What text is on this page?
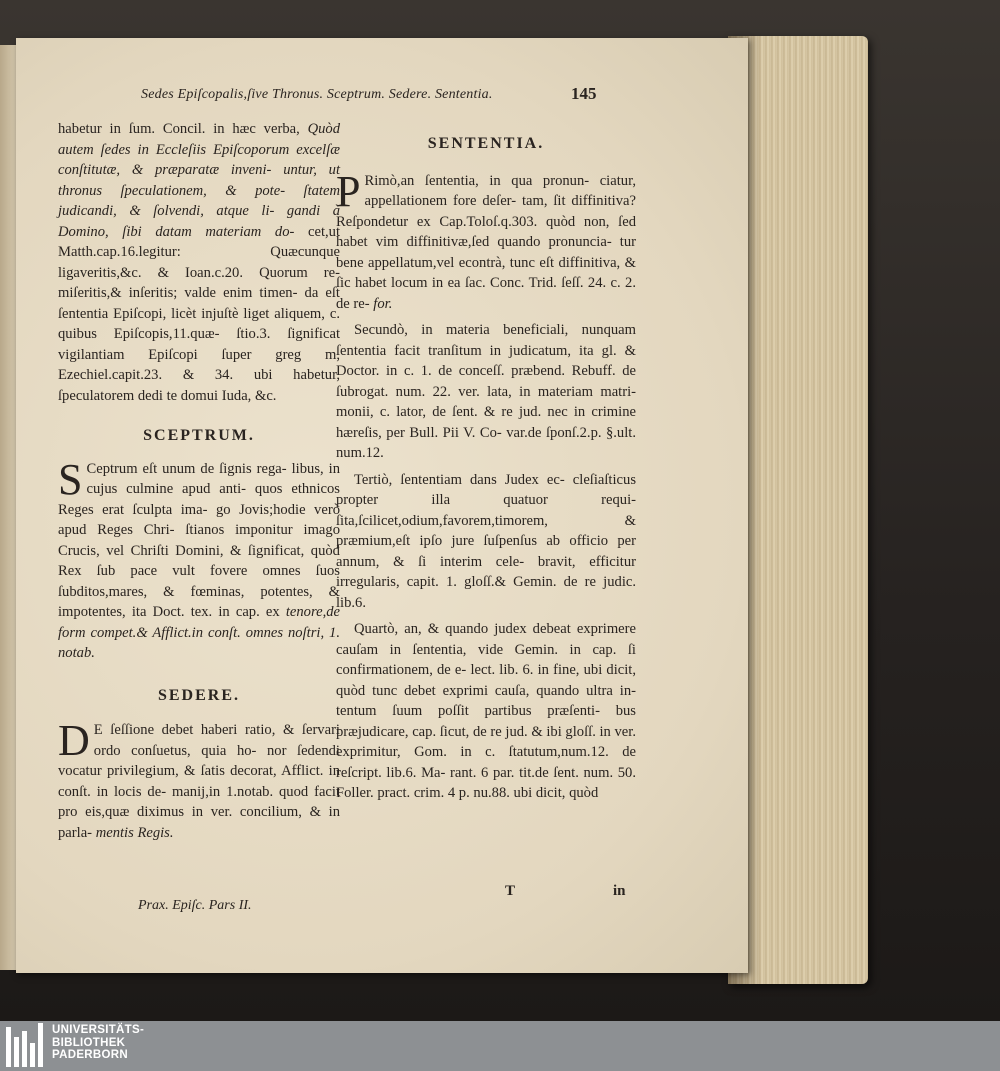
Sedes Epiſcopalis,ſive Thronus. Sceptrum. Sedere. Sententia.	145

habetur in ſum. Concil. in hæc verba, Quòd autem ſedes in Eccleſiis Epiſcoporum excelſæ conſtitutæ, & præparatæ inveni- untur, ut thronus ſpeculationem, & pote- ſtatem judicandi, & ſolvendi, atque li- gandi à Domino, ſibi datam materiam do- cet,ut Matth.cap.16.legitur: Quæcunque ligaveritis,&c. & Ioan.c.20. Quorum re- miſeritis,& inſeritis; valde enim timen- da eſt ſententia Epiſcopi, licèt injuſtè liget aliquem, c. quibus Epiſcopis,11.quæ- ſtio.3. ſignificat vigilantiam Epiſcopi ſuper greg m, Ezechiel.capit.23. & 34. ubi habetur, ſpeculatorem dedi te domui Iuda, &c.

SCEPTRUM.

S Ceptrum eſt unum de ſignis rega- libus, in cujus culmine apud anti- quos ethnicos Reges erat ſculpta ima- go Jovis;hodie verò apud Reges Chri- ſtianos imponitur imago Crucis, vel Chriſti Domini, & ſignificat, quòd Rex ſub pace vult fovere omnes ſuos ſubditos,mares, & fœminas, potentes, & impotentes, ita Doct. tex. in cap. ex tenore,de form compet.& Afflict.in conſt. omnes noſtri, 1. notab.

SEDERE.

D E ſeſſione debet haberi ratio, & ſervari ordo conſuetus, quia ho- nor ſedendi vocatur privilegium, & ſatis decorat, Afflict. in conſt. in locis de- manij,in 1.notab. quod facit pro eis,quæ diximus in ver. concilium, & in parla- mentis Regis.

SENTENTIA.

P Rimò,an ſententia, in qua pronun- ciatur, appellationem fore deſer- tam, ſit diffinitiva? Reſpondetur ex Cap.Toloſ.q.303. quòd non, ſed habet vim diffinitivæ,ſed quando pronuncia- tur bene appellatum,vel econtrà, tunc eſt diffinitiva, & ſic habet locum in ea ſac. Conc. Trid. ſeſſ. 24. c. 2. de re- for.

Secundò, in materia beneficiali, nunquam ſententia facit tranſitum in judicatum, ita gl. & Doctor. in c. 1. de conceſſ. præbend. Rebuff. de ſubrogat. num. 22. ver. lata, in materiam matri- monii, c. lator, de ſent. & re jud. nec in crimine hæreſis, per Bull. Pii V. Co- var.de ſponſ.2.p. §.ult. num.12.

Tertiò, ſententiam dans Judex ec- cleſiaſticus propter illa quatuor requi- ſita,ſcilicet,odium,favorem,timorem,	& præmium,eſt ipſo jure ſuſpenſus ab officio per annum, & ſi interim cele- bravit, efficitur irregularis, capit. 1. gloſſ.& Gemin. de re judic. lib.6.

Quartò, an, & quando judex debeat exprimere cauſam in ſententia, vide Gemin. in cap. ſi confirmationem, de e- lect. lib. 6. in fine, ubi dicit, quòd tunc debet exprimi cauſa, quando ultra in- tentum ſuum poſſit partibus præſenti- bus præjudicare, cap. ſicut, de re jud. & ibi gloſſ. in ver. exprimitur, Gom. in c. ſtatutum,num.12. de reſcript. lib.6. Ma- rant. 6 par. tit.de ſent. num. 50. Foller. pract. crim. 4 p. nu.88. ubi dicit, quòd

Prax. Epiſc. Pars II.
T	in
UNIVERSITÄTS-
BIBLIOTHEK
PADERBORN
